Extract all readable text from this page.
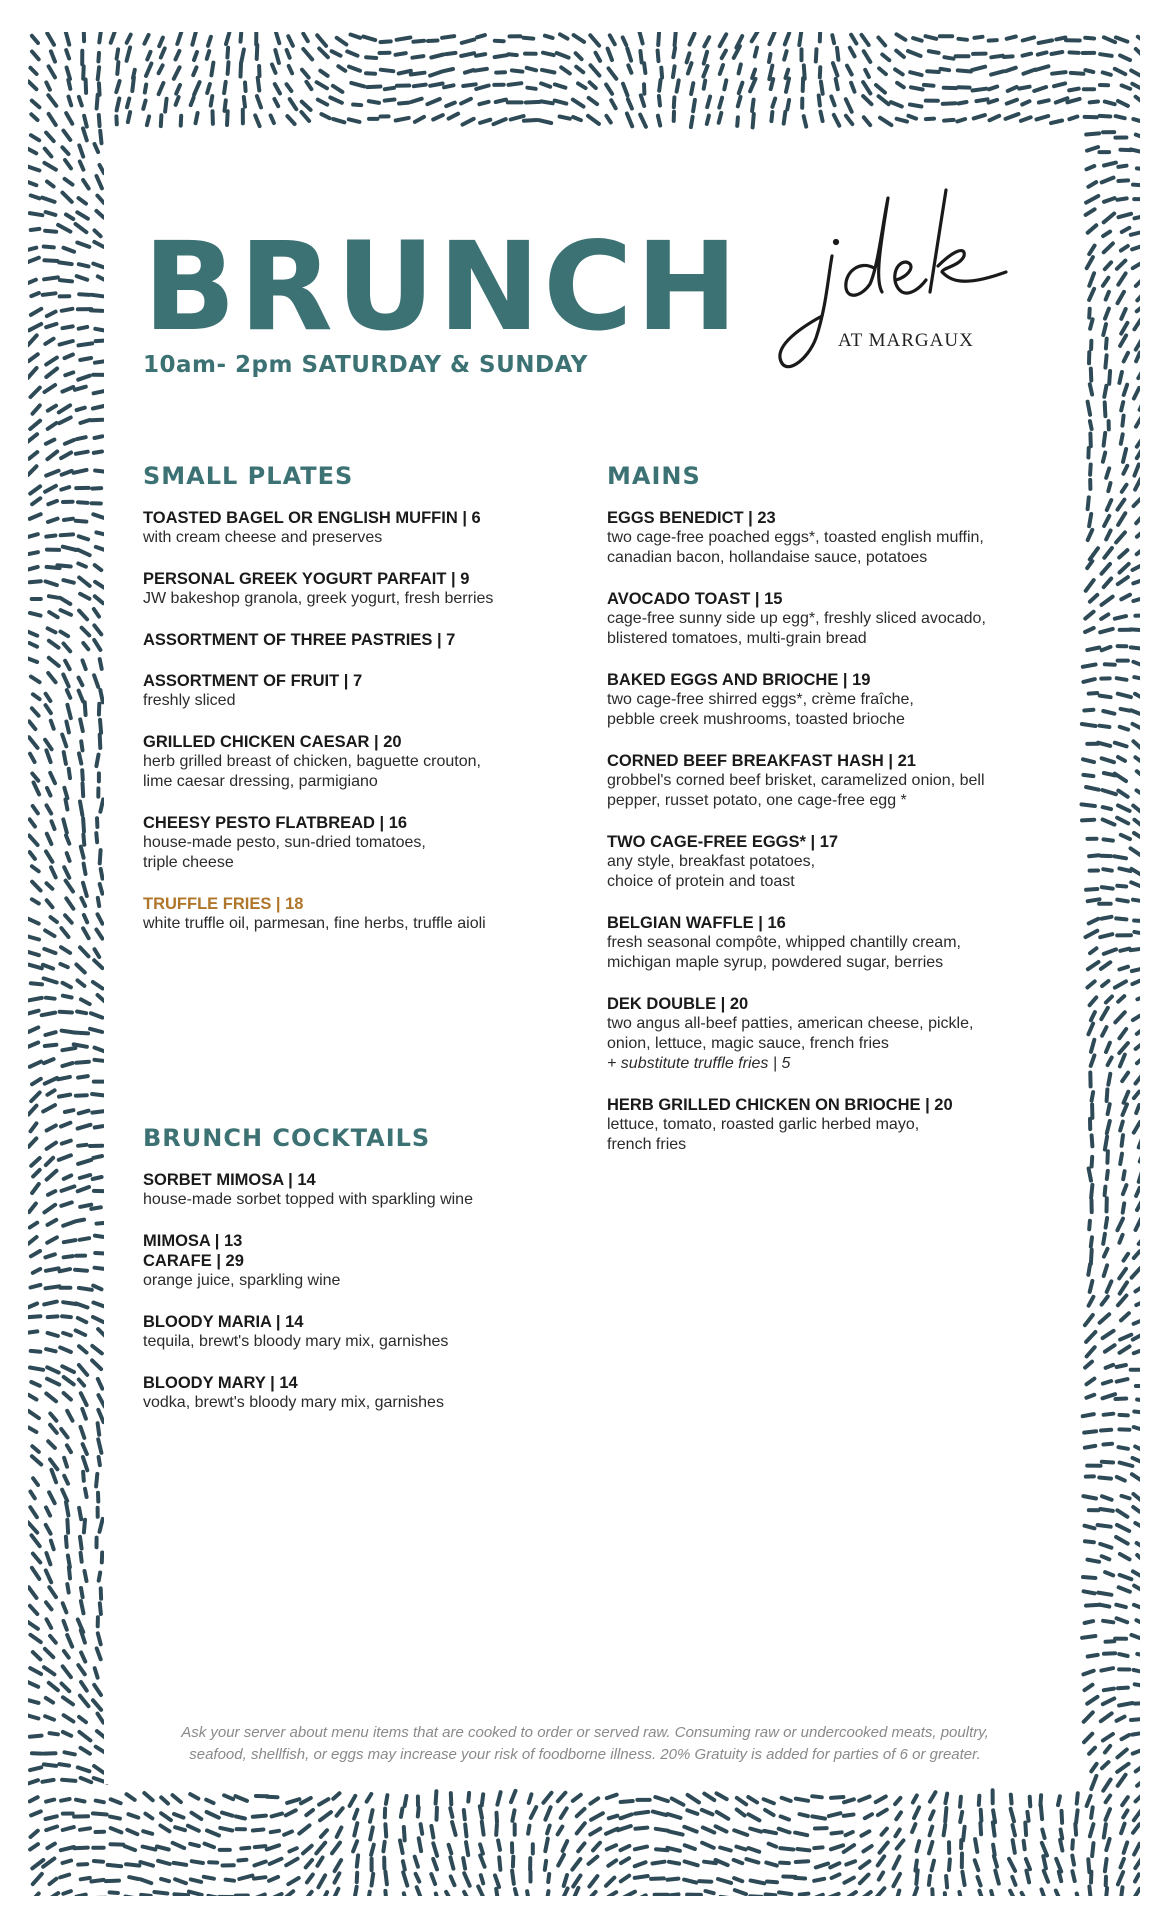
BRUNCH

10am- 2pm SATURDAY & SUNDAY

AT MARGAUX
SMALL PLATES
TOASTED BAGEL OR ENGLISH MUFFIN | 6
with cream cheese and preserves
PERSONAL GREEK YOGURT PARFAIT | 9
JW bakeshop granola, greek yogurt, fresh berries
ASSORTMENT OF THREE PASTRIES | 7
ASSORTMENT OF FRUIT | 7
freshly sliced
GRILLED CHICKEN CAESAR | 20
herb grilled breast of chicken, baguette crouton,
lime caesar dressing, parmigiano
CHEESY PESTO FLATBREAD | 16
house-made pesto, sun-dried tomatoes,
triple cheese
TRUFFLE FRIES | 18
white truffle oil, parmesan, fine herbs, truffle aioli
MAINS
EGGS BENEDICT | 23
two cage-free poached eggs*, toasted english muffin,
canadian bacon, hollandaise sauce, potatoes
AVOCADO TOAST | 15
cage-free sunny side up egg*, freshly sliced avocado,
blistered tomatoes, multi-grain bread
BAKED EGGS AND BRIOCHE | 19
two cage-free shirred eggs*, crème fraîche,
pebble creek mushrooms, toasted brioche
CORNED BEEF BREAKFAST HASH | 21
grobbel's corned beef brisket, caramelized onion, bell
pepper, russet potato, one cage-free egg *
TWO CAGE-FREE EGGS* | 17
any style, breakfast potatoes,
choice of protein and toast
BELGIAN WAFFLE | 16
fresh seasonal compôte, whipped chantilly cream,
michigan maple syrup, powdered sugar, berries
DEK DOUBLE | 20
two angus all-beef patties, american cheese, pickle,
onion, lettuce, magic sauce, french fries
+ substitute truffle fries | 5
HERB GRILLED CHICKEN ON BRIOCHE | 20
lettuce, tomato, roasted garlic herbed mayo,
french fries
BRUNCH COCKTAILS
SORBET MIMOSA | 14
house-made sorbet topped with sparkling wine
MIMOSA | 13
CARAFE | 29
orange juice, sparkling wine
BLOODY MARIA | 14
tequila, brewt's bloody mary mix, garnishes
BLOODY MARY | 14
vodka, brewt's bloody mary mix, garnishes
Ask your server about menu items that are cooked to order or served raw. Consuming raw or undercooked meats, poultry,
seafood, shellfish, or eggs may increase your risk of foodborne illness. 20% Gratuity is added for parties of 6 or greater.
